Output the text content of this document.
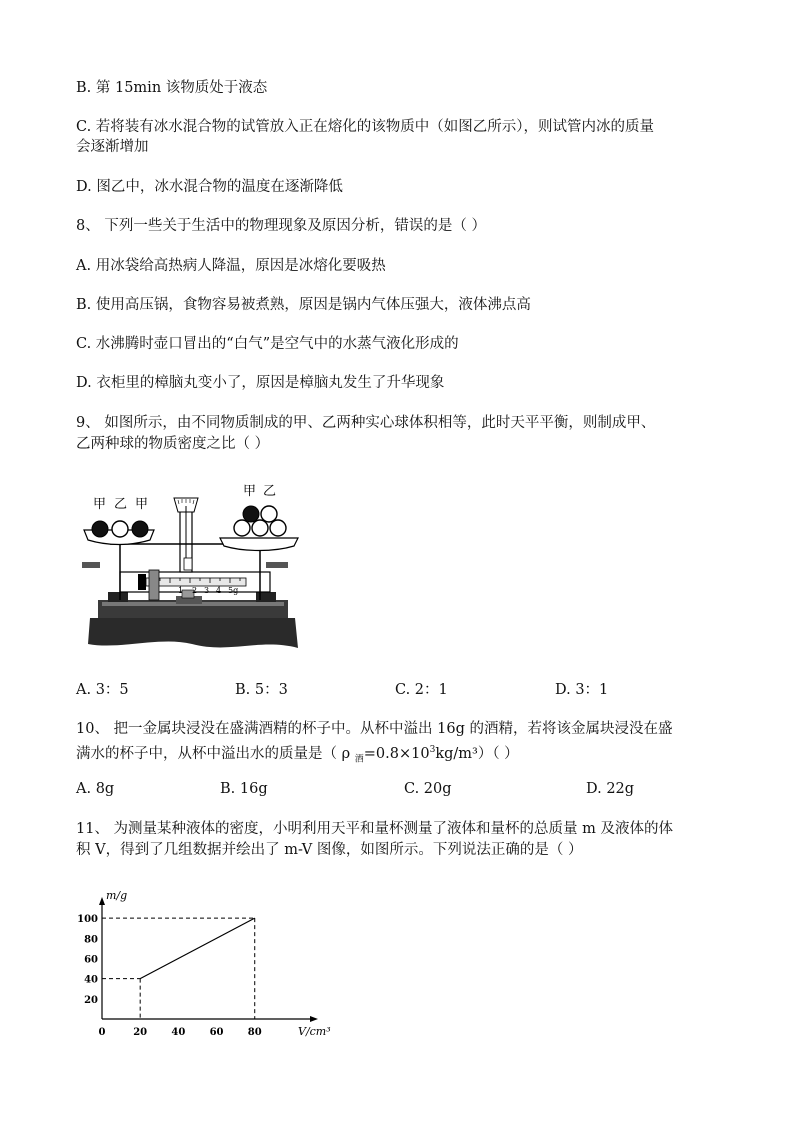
B. 第 15min 该物质处于液态
C. 若将装有冰水混合物的试管放入正在熔化的该物质中（如图乙所示），则试管内冰的质量
会逐渐增加
D. 图乙中，冰水混合物的温度在逐渐降低
8、 下列一些关于生活中的物理现象及原因分析，错误的是（ ）
A. 用冰袋给高热病人降温，原因是冰熔化要吸热
B. 使用高压锅，食物容易被煮熟，原因是锅内气体压强大，液体沸点高
C. 水沸腾时壶口冒出的“白气”是空气中的水蒸气液化形成的
D. 衣柜里的樟脑丸变小了，原因是樟脑丸发生了升华现象
9、 如图所示，由不同物质制成的甲、乙两种实心球体积相等，此时天平平衡，则制成甲、
乙两种球的物质密度之比（ ）
1 2 3 4 5g
甲 乙 甲
甲 乙
A. 3：5	B. 5：3	C. 2：1	D. 3：1
10、 把一金属块浸没在盛满酒精的杯子中。从杯中溢出 16g 的酒精，若将该金属块浸没在盛
满水的杯子中，从杯中溢出水的质量是（ ρ $_酒=0.8\times 10^3kg/m^3$）（ ）
A. 8g	B. 16g	C. 20g	D. 22g
11、 为测量某种液体的密度，小明利用天平和量杯测量了液体和量杯的总质量 m 及液体的体
积 V，得到了几组数据并绘出了 m-V 图像，如图所示。下列说法正确的是（ ）
m/g
V/cm³
0	20 40 60 80
20
40
60
80
100
